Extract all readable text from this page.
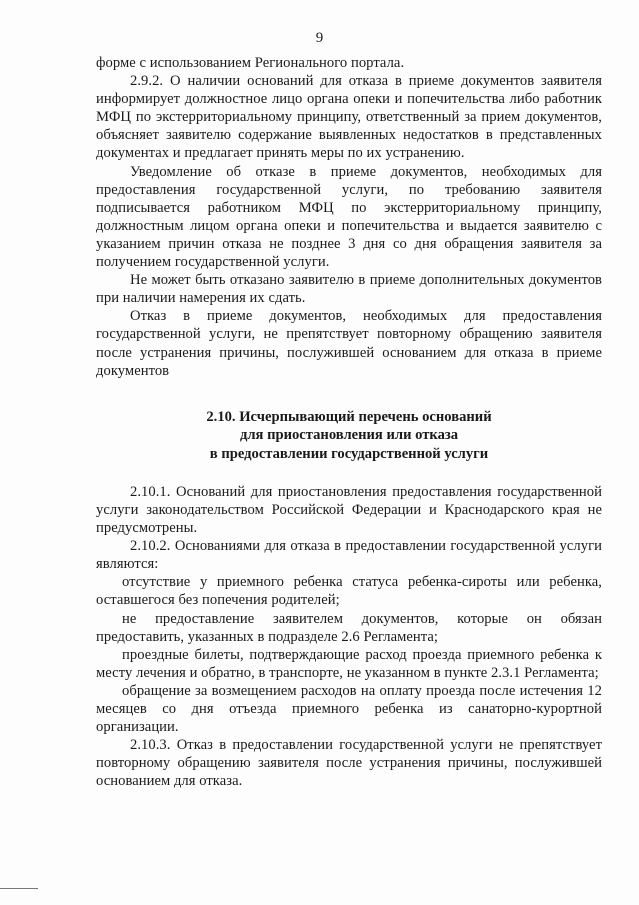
9

форме с использованием Регионального портала.

2.9.2. О наличии оснований для отказа в приеме документов заявителя информирует должностное лицо органа опеки и попечительства либо работник МФЦ по экстерриториальному принципу, ответственный за прием документов, объясняет заявителю содержание выявленных недостатков в представленных документах и предлагает принять меры по их устранению.

Уведомление об отказе в приеме документов, необходимых для предоставления государственной услуги, по требованию заявителя подписывается работником МФЦ по экстерриториальному принципу, должностным лицом органа опеки и попечительства и выдается заявителю с указанием причин отказа не позднее 3 дня со дня обращения заявителя за получением государственной услуги.

Не может быть отказано заявителю в приеме дополнительных документов при наличии намерения их сдать.

Отказ в приеме документов, необходимых для предоставления государственной услуги, не препятствует повторному обращению заявителя после устранения причины, послужившей основанием для отказа в приеме документов

2.10. Исчерпывающий перечень оснований
для приостановления или отказа
в предоставлении государственной услуги

2.10.1. Оснований для приостановления предоставления государственной услуги законодательством Российской Федерации и Краснодарского края не предусмотрены.

2.10.2. Основаниями для отказа в предоставлении государственной услуги являются:

отсутствие у приемного ребенка статуса ребенка-сироты или ребенка, оставшегося без попечения родителей;

не предоставление заявителем документов, которые он обязан предоставить, указанных в подразделе 2.6 Регламента;

проездные билеты, подтверждающие расход проезда приемного ребенка к месту лечения и обратно, в транспорте, не указанном в пункте 2.3.1 Регламента;

обращение за возмещением расходов на оплату проезда после истечения 12 месяцев со дня отъезда приемного ребенка из санаторно-курортной организации.

2.10.3. Отказ в предоставлении государственной услуги не препятствует повторному обращению заявителя после устранения причины, послужившей основанием для отказа.
